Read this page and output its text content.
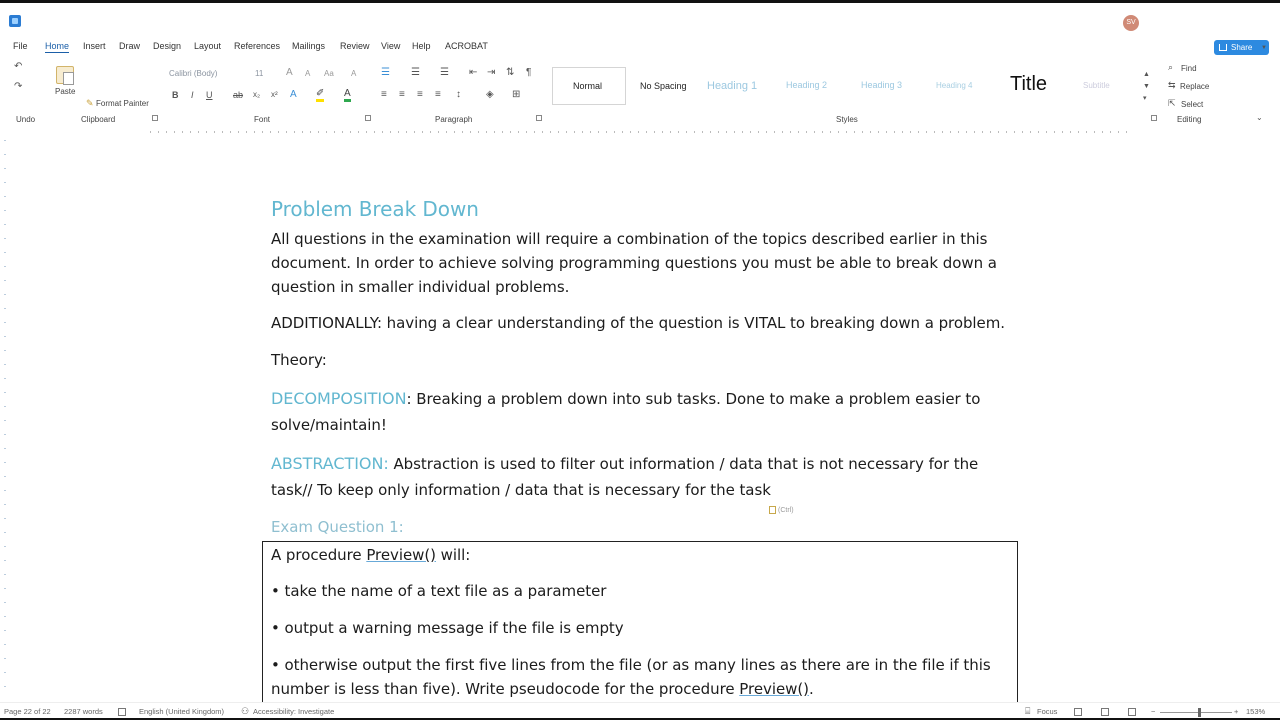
SV
File Home Insert Draw Design Layout References Mailings Review View Help ACROBAT	Share	▼
↶
↷
Undo
Paste
✎ Format Painter
Clipboard
Calibri (Body)	11 A A Aa A
B I U ab x₂ x² A ✐ A
Font
☰ ☰ ☰ ⇤ ⇥ ⇅ ¶
≡ ≡ ≡ ≡ ↕	◈ ⊞
Paragraph
Normal	No Spacing Heading 1	Heading 2	Heading 3	Heading 4 Title	Subtitle
▲
▼
▾
Styles
⌕ Find
⇆ Replace
⇱ Select
Editing	⌄
Problem Break Down
All questions in the examination will require a combination of the topics described earlier in this
document. In order to achieve solving programming questions you must be able to break down a
question in smaller individual problems.
ADDITIONALLY: having a clear understanding of the question is VITAL to breaking down a problem.
Theory:
DECOMPOSITION: Breaking a problem down into sub tasks. Done to make a problem easier to
solve/maintain!
ABSTRACTION: Abstraction is used to filter out information / data that is not necessary for the
task// To keep only information / data that is necessary for the task
Exam Question 1:
A procedure Preview() will:
• take the name of a text file as a parameter
• output a warning message if the file is empty
• otherwise output the first five lines from the file (or as many lines as there are in the file if this
number is less than five). Write pseudocode for the procedure Preview().
(Ctrl)
Page 22 of 22 2287 words	English (United Kingdom) ⚇ Accessibility: Investigate	⌸ Focus	−	+ 153%
